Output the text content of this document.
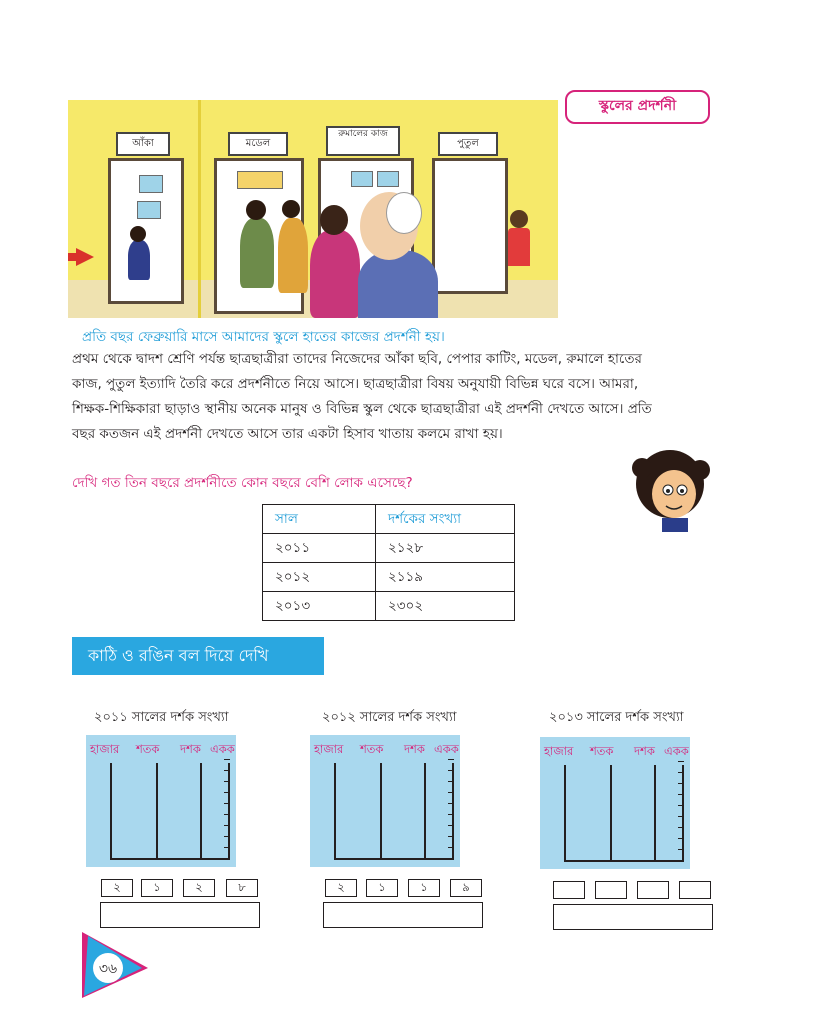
আঁকা	মডেল
রুমালের কাজ
পুতুল
স্কুলের প্রদর্শনী
প্রতি বছর ফেব্রুয়ারি মাসে আমাদের স্কুলে হাতের কাজের প্রদর্শনী হয়।
প্রথম থেকে দ্বাদশ শ্রেণি পর্যন্ত ছাত্রছাত্রীরা তাদের নিজেদের আঁকা ছবি, পেপার কাটিং, মডেল, রুমালে হাতের
কাজ, পুতুল ইত্যাদি তৈরি করে প্রদর্শনীতে নিয়ে আসে। ছাত্রছাত্রীরা বিষয় অনুযায়ী বিভিন্ন ঘরে বসে। আমরা,
শিক্ষক-শিক্ষিকারা ছাড়াও স্থানীয় অনেক মানুষ ও বিভিন্ন স্কুল থেকে ছাত্রছাত্রীরা এই প্রদর্শনী দেখতে আসে। প্রতি
বছর কতজন এই প্রদর্শনী দেখতে আসে তার একটা হিসাব খাতায় কলমে রাখা হয়।
দেখি গত তিন বছরে প্রদর্শনীতে কোন বছরে বেশি লোক এসেছে?
সাল	দর্শকের সংখ্যা
২০১১	২১২৮
২০১২	২১১৯
২০১৩	২৩০২
কাঠি ও রঙিন বল দিয়ে দেখি
২০১১ সালের দর্শক সংখ্যা
হাজার শতক দশক একক
২	১	২	৮
২০১২ সালের দর্শক সংখ্যা
হাজার শতক দশক একক
২	১	১	৯
২০১৩ সালের দর্শক সংখ্যা
হাজার শতক দশক একক
৩৬
